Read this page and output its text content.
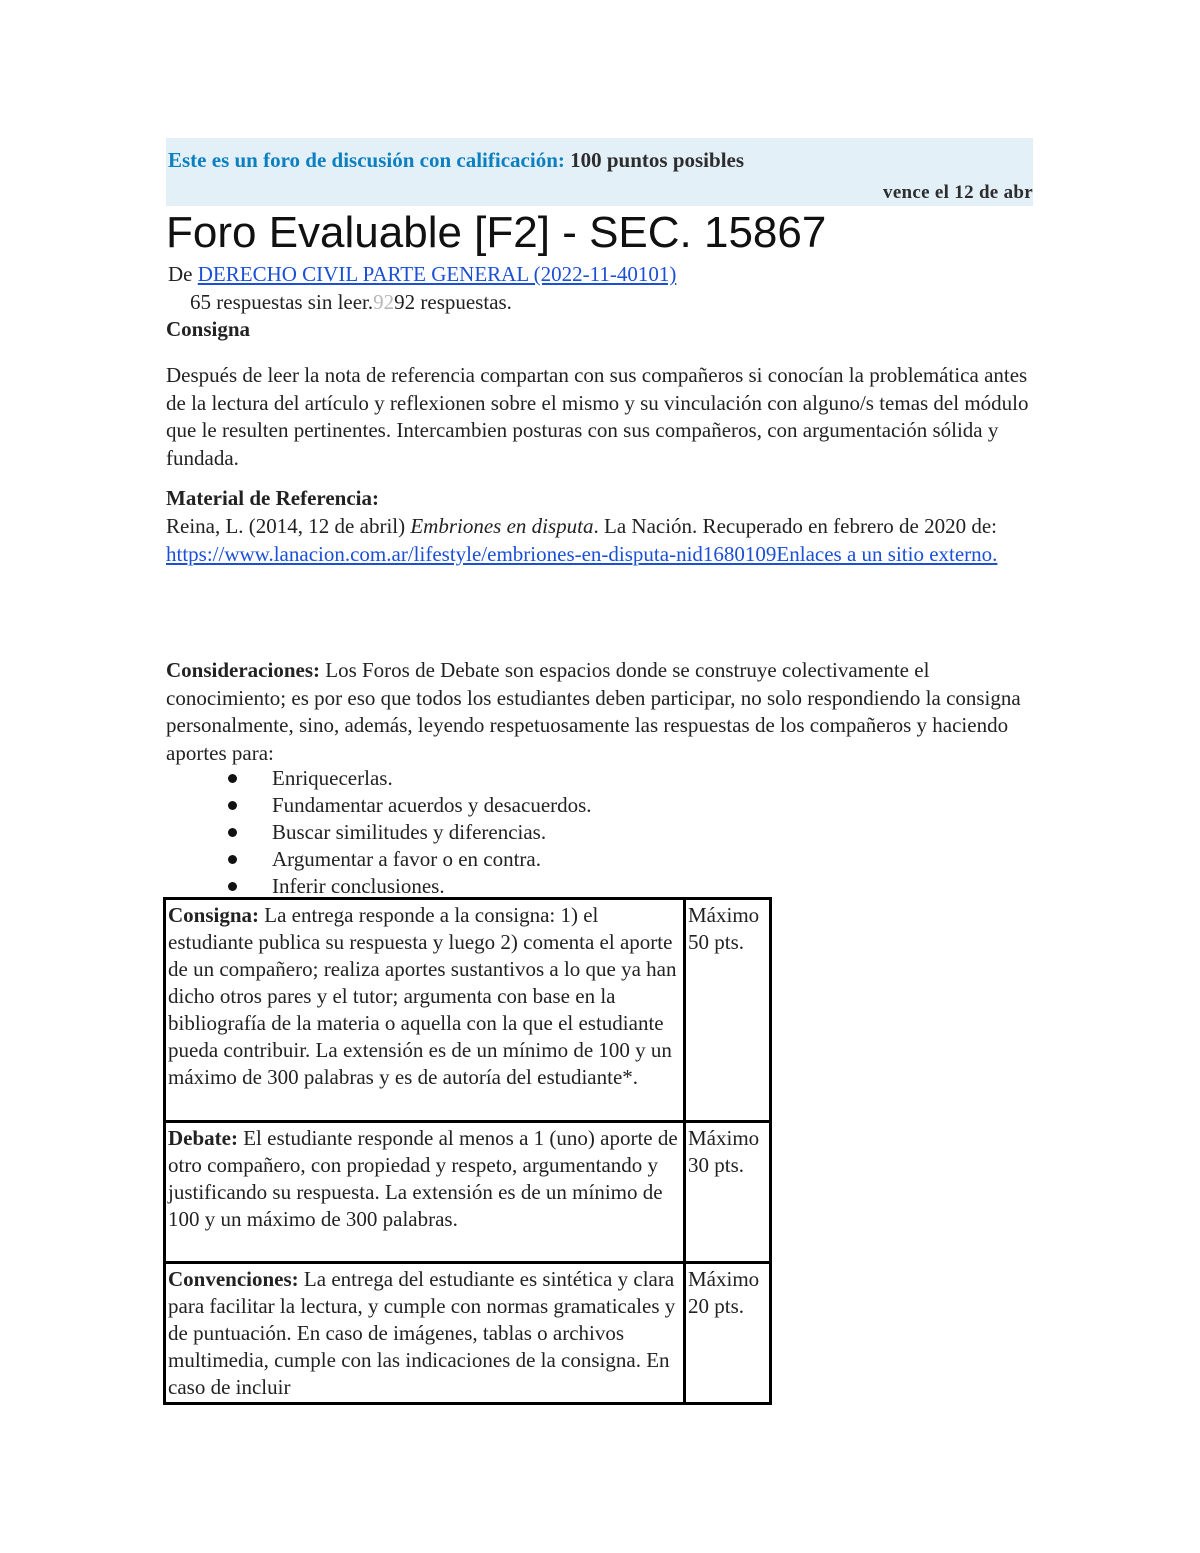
Este es un foro de discusión con calificación: 100 puntos posibles
vence el 12 de abr
Foro Evaluable [F2] - SEC. 15867
De DERECHO CIVIL PARTE GENERAL (2022-11-40101)
65 respuestas sin leer.9292 respuestas.
Consigna
Después de leer la nota de referencia compartan con sus compañeros si conocían la problemática antes de la lectura del artículo y reflexionen sobre el mismo y su vinculación con alguno/s temas del módulo que le resulten pertinentes. Intercambien posturas con sus compañeros, con argumentación sólida y fundada.
Material de Referencia:
Reina, L. (2014, 12 de abril) Embriones en disputa. La Nación. Recuperado en febrero de 2020 de: https://www.lanacion.com.ar/lifestyle/embriones-en-disputa-nid1680109Enlaces a un sitio externo.
Consideraciones: Los Foros de Debate son espacios donde se construye colectivamente el conocimiento; es por eso que todos los estudiantes deben participar, no solo respondiendo la consigna personalmente, sino, además, leyendo respetuosamente las respuestas de los compañeros y haciendo aportes para:
Enriquecerlas.
Fundamentar acuerdos y desacuerdos.
Buscar similitudes y diferencias.
Argumentar a favor o en contra.
Inferir conclusiones.
Consigna: La entrega responde a la consigna: 1) el estudiante publica su respuesta y luego 2) comenta el aporte de un compañero; realiza aportes sustantivos a lo que ya han dicho otros pares y el tutor; argumenta con base en la bibliografía de la materia o aquella con la que el estudiante pueda contribuir. La extensión es de un mínimo de 100 y un máximo de 300 palabras y es de autoría del estudiante*.	Máximo 50 pts.
Debate: El estudiante responde al menos a 1 (uno) aporte de otro compañero, con propiedad y respeto, argumentando y justificando su respuesta. La extensión es de un mínimo de 100 y un máximo de 300 palabras.	Máximo 30 pts.
Convenciones: La entrega del estudiante es sintética y clara para facilitar la lectura, y cumple con normas gramaticales y de puntuación. En caso de imágenes, tablas o archivos multimedia, cumple con las indicaciones de la consigna. En caso de incluir	Máximo 20 pts.
